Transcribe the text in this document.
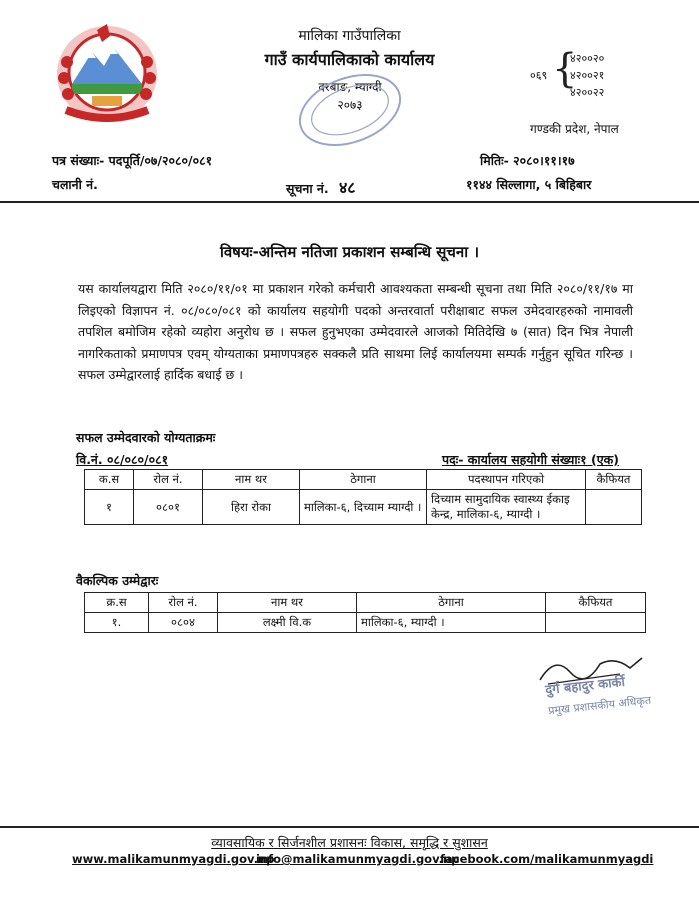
मालिका गाउँपालिका
गाउँ कार्यपालिकाको कार्यालय
दरबाङ, म्याग्दी
२०७३
०६९ {
४२००२०
४२००२१
४२००२२
गण्डकी प्रदेश, नेपाल
पत्र संख्याः- पदपूर्ति/०७/२०८०/०८१
चलानी नं.	सूचना नं. ४८
मितिः- २०८०।११।१७
११४४ सिल्लागा, ५ बिहिबार
विषयः-अन्तिम नतिजा प्रकाशन सम्बन्धि सूचना ।
यस कार्यालयद्वारा मिति २०८०/११/०१ मा प्रकाशन गरेको कर्मचारी आवश्यकता सम्बन्धी सूचना तथा मिति २०८०/११/१७ मा लिइएको विज्ञापन नं. ०८/०८०/०८१ को कार्यालय सहयोगी पदको अन्तरवार्ता परीक्षाबाट सफल उमेदवारहरुको नामावली तपशिल बमोजिम रहेको व्यहोरा अनुरोध छ । सफल हुनुभएका उम्मेदवारले आजको मितिदेखि ७ (सात) दिन भित्र नेपाली नागरिकताको प्रमाणपत्र एवम् योग्यताका प्रमाणपत्रहरु सक्कलै प्रति साथमा लिई कार्यालयमा सम्पर्क गर्नुहुन सूचित गरिन्छ । सफल उम्मेद्वारलाई हार्दिक बधाई छ ।
सफल उम्मेदवारको योग्यताक्रमः
वि.नं. ०८/०८०/०८१	पदः- कार्यालय सहयोगी संख्याः१ (एक)
क.स	रोल नं.	नाम थर	ठेगाना	पदस्थापन गरिएको	कैफियत
१	०८०१	हिरा रोका	मालिका-६, दिच्याम म्याग्दी ।	दिच्याम सामुदायिक स्वास्थ्य ईकाइ केन्द्र, मालिका-६, म्याग्दी ।	
वैकल्पिक उम्मेद्वारः
क्र.स	रोल नं.	नाम थर	ठेगाना	कैफियत
१.	०८०४	लक्ष्मी वि.क	मालिका-६, म्याग्दी ।	
दुर्ग बहादुर कार्की
प्रमुख प्रशासकीय अधिकृत
व्यावसायिक र सिर्जनशील प्रशासनः विकास, समृद्धि र सुशासन
www.malikamunmyagdi.gov.np
info@malikamunmyagdi.gov.np
facebook.com/malikamunmyagdi
